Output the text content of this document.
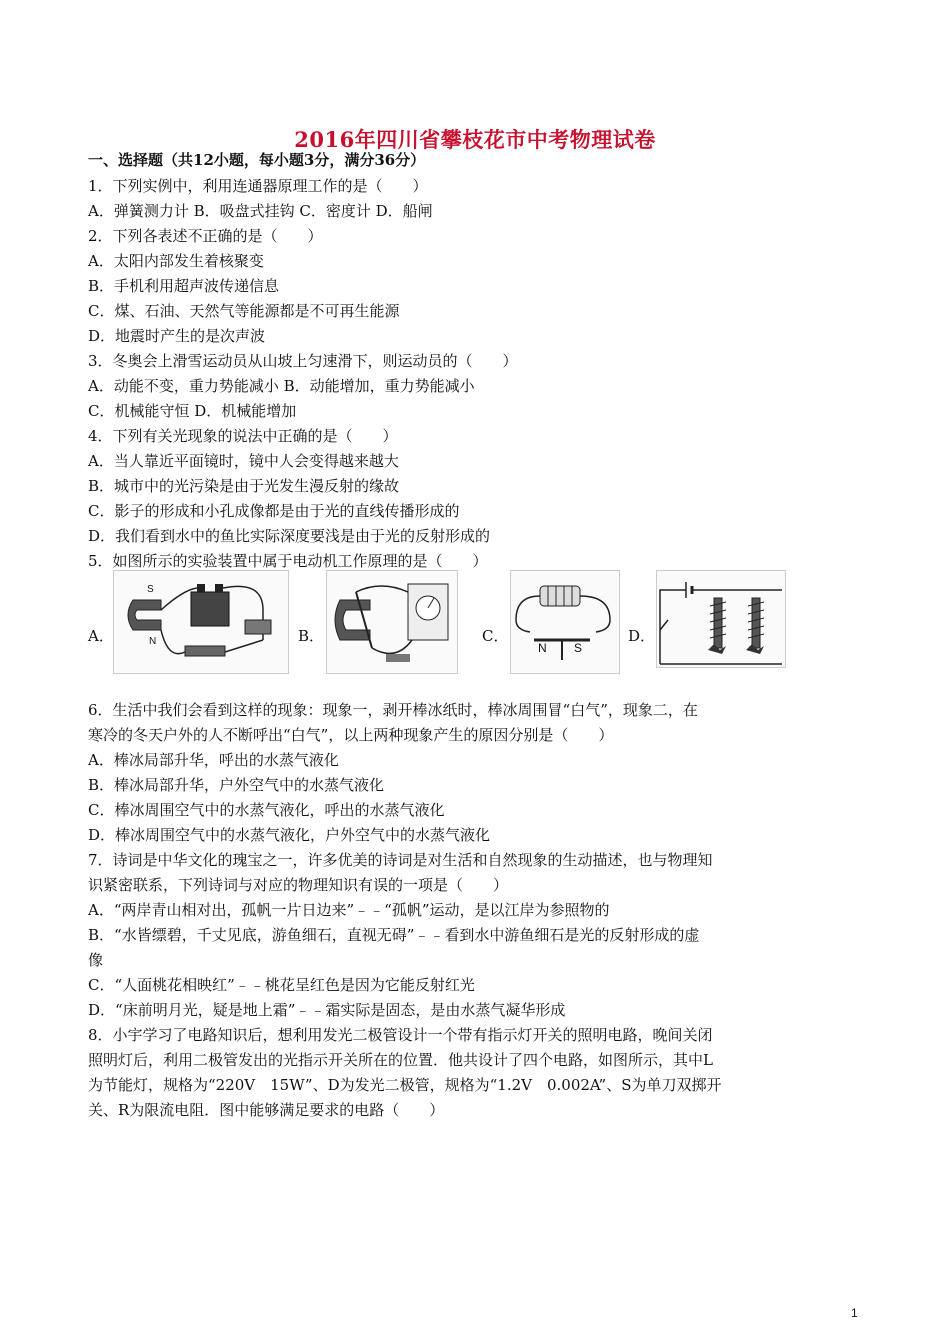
2016年四川省攀枝花市中考物理试卷
一、选择题（共12小题，每小题3分，满分36分）
1．下列实例中，利用连通器原理工作的是（　　）
A．弹簧测力计 B．吸盘式挂钩 C．密度计 D．船闸
2．下列各表述不正确的是（　　）
A．太阳内部发生着核聚变
B．手机利用超声波传递信息
C．煤、石油、天然气等能源都是不可再生能源
D．地震时产生的是次声波
3．冬奥会上滑雪运动员从山坡上匀速滑下，则运动员的（　　）
A．动能不变，重力势能减小 B．动能增加，重力势能减小
C．机械能守恒 D．机械能增加
4．下列有关光现象的说法中正确的是（　　）
A．当人靠近平面镜时，镜中人会变得越来越大
B．城市中的光污染是由于光发生漫反射的缘故
C．影子的形成和小孔成像都是由于光的直线传播形成的
D．我们看到水中的鱼比实际深度要浅是由于光的反射形成的
5．如图所示的实验装置中属于电动机工作原理的是（　　）
A．	B．	C．	D．
S
N	N S
6．生活中我们会看到这样的现象：现象一，剥开棒冰纸时，棒冰周围冒“白气”，现象二，在
寒冷的冬天户外的人不断呼出“白气”，以上两种现象产生的原因分别是（　　）
A．棒冰局部升华，呼出的水蒸气液化
B．棒冰局部升华，户外空气中的水蒸气液化
C．棒冰周围空气中的水蒸气液化，呼出的水蒸气液化
D．棒冰周围空气中的水蒸气液化，户外空气中的水蒸气液化
7．诗词是中华文化的瑰宝之一，许多优美的诗词是对生活和自然现象的生动描述，也与物理知
识紧密联系，下列诗词与对应的物理知识有误的一项是（　　）
A．“两岸青山相对出，孤帆一片日边来”﹣﹣“孤帆”运动，是以江岸为参照物的
B．“水皆缥碧，千丈见底，游鱼细石，直视无碍”﹣﹣看到水中游鱼细石是光的反射形成的虚
像
C．“人面桃花相映红”﹣﹣桃花呈红色是因为它能反射红光
D．“床前明月光，疑是地上霜”﹣﹣霜实际是固态，是由水蒸气凝华形成
8．小宇学习了电路知识后，想利用发光二极管设计一个带有指示灯开关的照明电路，晚间关闭
照明灯后，利用二极管发出的光指示开关所在的位置．他共设计了四个电路，如图所示，其中L
为节能灯，规格为“220V　15W”、D为发光二极管，规格为“1.2V　0.002A”、S为单刀双掷开
关、R为限流电阻．图中能够满足要求的电路（　　）
1
